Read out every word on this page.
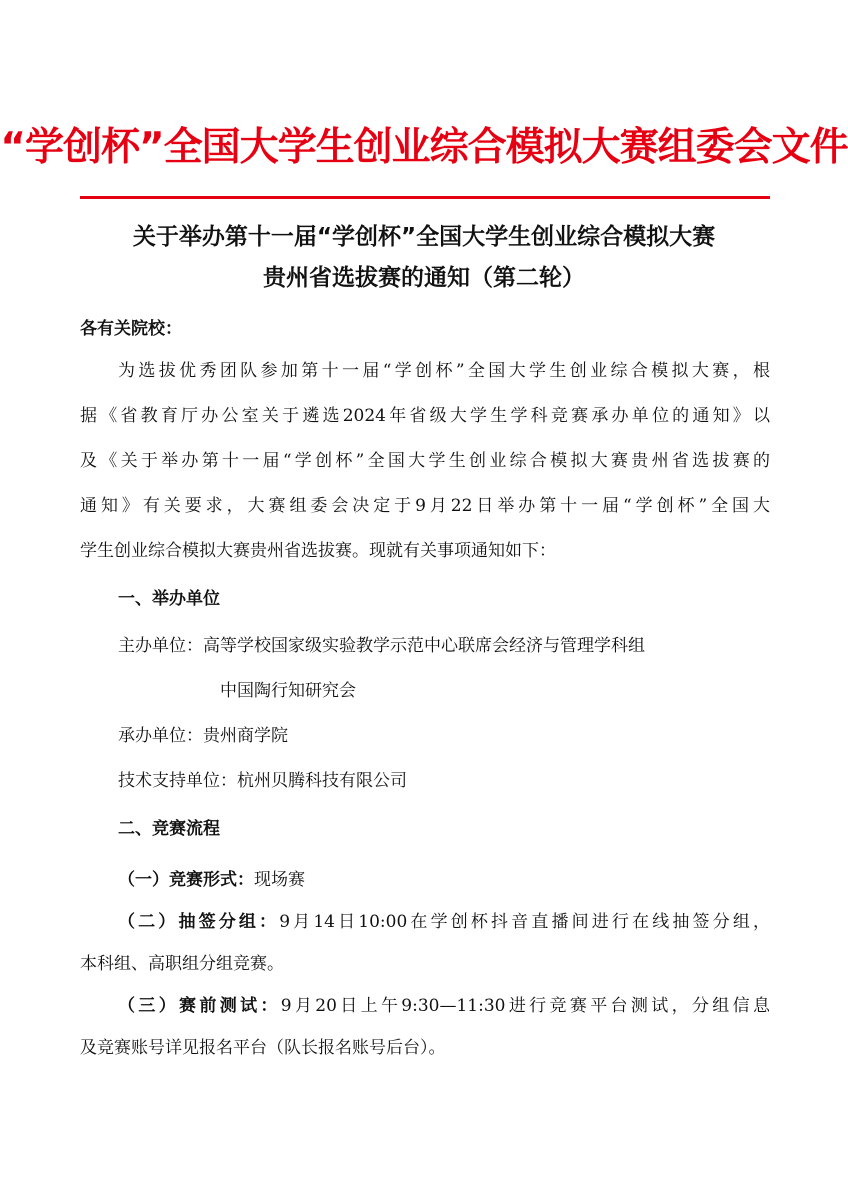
“学创杯”全国大学生创业综合模拟大赛组委会文件
关于举办第十一届“学创杯”全国大学生创业综合模拟大赛
贵州省选拔赛的通知（第二轮）
各有关院校：
为选拔优秀团队参加第十一届“学创杯”全国大学生创业综合模拟大赛，根
据《省教育厅办公室关于遴选2024年省级大学生学科竞赛承办单位的通知》以
及《关于举办第十一届“学创杯”全国大学生创业综合模拟大赛贵州省选拔赛的
通知》有关要求，大赛组委会决定于9月22日举办第十一届“学创杯”全国大
学生创业综合模拟大赛贵州省选拔赛。现就有关事项通知如下：
一、举办单位
主办单位：高等学校国家级实验教学示范中心联席会经济与管理学科组
中国陶行知研究会
承办单位：贵州商学院
技术支持单位：杭州贝腾科技有限公司
二、竞赛流程
（一）竞赛形式：现场赛
（二）抽签分组：9月14日10:00在学创杯抖音直播间进行在线抽签分组，
本科组、高职组分组竞赛。
（三）赛前测试：9月20日上午9:30—11:30进行竞赛平台测试，分组信息
及竞赛账号详见报名平台（队长报名账号后台）。
